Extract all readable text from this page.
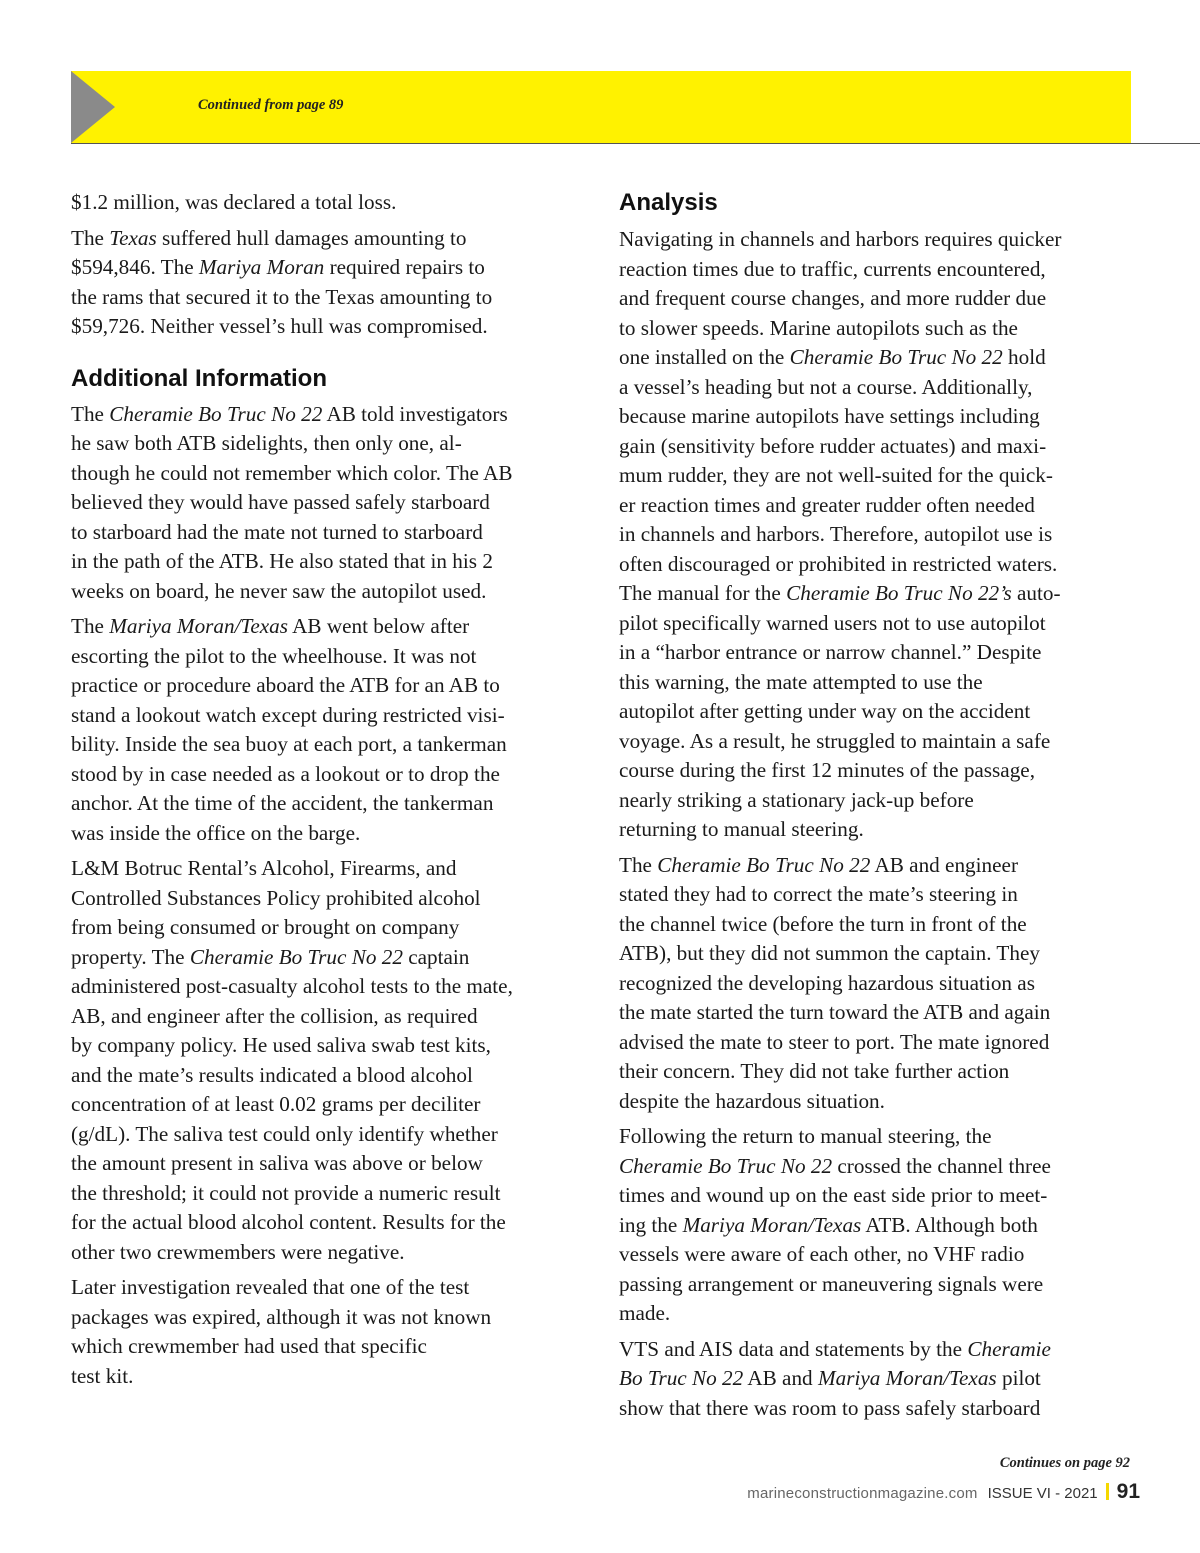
Continued from page 89

$1.2 million, was declared a total loss.

The Texas suffered hull damages amounting to
$594,846. The Mariya Moran required repairs to
the rams that secured it to the Texas amounting to
$59,726. Neither vessel’s hull was compromised.

Additional Information

The Cheramie Bo Truc No 22 AB told investigators
he saw both ATB sidelights, then only one, al-
though he could not remember which color. The AB
believed they would have passed safely starboard
to starboard had the mate not turned to starboard
in the path of the ATB. He also stated that in his 2
weeks on board, he never saw the autopilot used.

The Mariya Moran/Texas AB went below after
escorting the pilot to the wheelhouse. It was not
practice or procedure aboard the ATB for an AB to
stand a lookout watch except during restricted visi-
bility. Inside the sea buoy at each port, a tankerman
stood by in case needed as a lookout or to drop the
anchor. At the time of the accident, the tankerman
was inside the office on the barge.

L&M Botruc Rental’s Alcohol, Firearms, and
Controlled Substances Policy prohibited alcohol
from being consumed or brought on company
property. The Cheramie Bo Truc No 22 captain
administered post-casualty alcohol tests to the mate,
AB, and engineer after the collision, as required
by company policy. He used saliva swab test kits,
and the mate’s results indicated a blood alcohol
concentration of at least 0.02 grams per deciliter
(g/dL). The saliva test could only identify whether
the amount present in saliva was above or below
the threshold; it could not provide a numeric result
for the actual blood alcohol content. Results for the
other two crewmembers were negative.

Later investigation revealed that one of the test
packages was expired, although it was not known
which crewmember had used that specific
test kit.

Analysis

Navigating in channels and harbors requires quicker
reaction times due to traffic, currents encountered,
and frequent course changes, and more rudder due
to slower speeds. Marine autopilots such as the
one installed on the Cheramie Bo Truc No 22 hold
a vessel’s heading but not a course. Additionally,
because marine autopilots have settings including
gain (sensitivity before rudder actuates) and maxi-
mum rudder, they are not well-suited for the quick-
er reaction times and greater rudder often needed
in channels and harbors. Therefore, autopilot use is
often discouraged or prohibited in restricted waters.
The manual for the Cheramie Bo Truc No 22’s auto-
pilot specifically warned users not to use autopilot
in a “harbor entrance or narrow channel.” Despite
this warning, the mate attempted to use the
autopilot after getting under way on the accident
voyage. As a result, he struggled to maintain a safe
course during the first 12 minutes of the passage,
nearly striking a stationary jack-up before
returning to manual steering.

The Cheramie Bo Truc No 22 AB and engineer
stated they had to correct the mate’s steering in
the channel twice (before the turn in front of the
ATB), but they did not summon the captain. They
recognized the developing hazardous situation as
the mate started the turn toward the ATB and again
advised the mate to steer to port. The mate ignored
their concern. They did not take further action
despite the hazardous situation.

Following the return to manual steering, the
Cheramie Bo Truc No 22 crossed the channel three
times and wound up on the east side prior to meet-
ing the Mariya Moran/Texas ATB. Although both
vessels were aware of each other, no VHF radio
passing arrangement or maneuvering signals were
made.

VTS and AIS data and statements by the Cheramie
Bo Truc No 22 AB and Mariya Moran/Texas pilot
show that there was room to pass safely starboard

Continues on page 92
marineconstructionmagazine.com ISSUE VI - 2021 91
